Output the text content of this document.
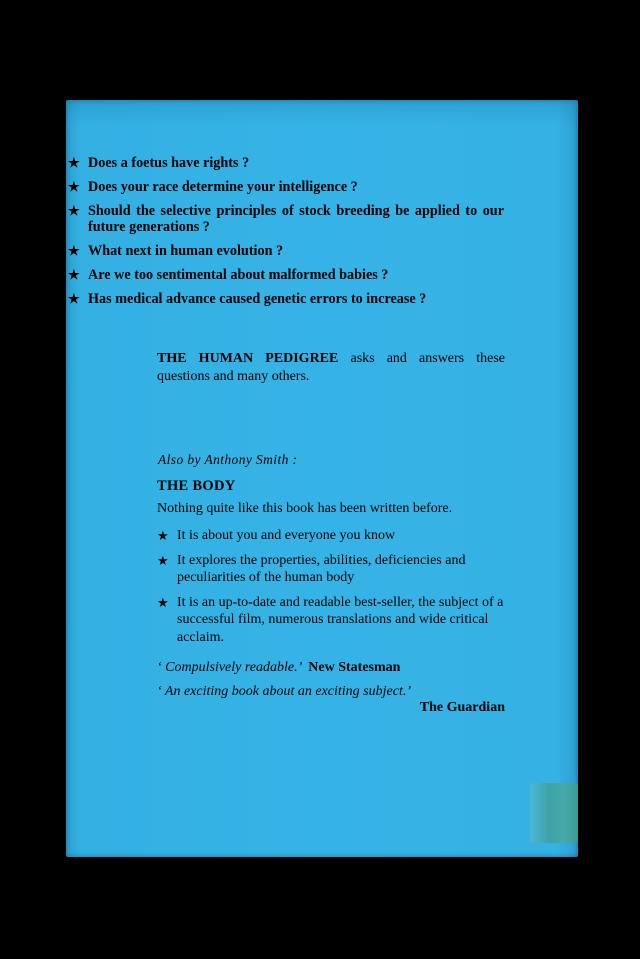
★ Does a foetus have rights ?
★ Does your race determine your intelligence ?
★ Should the selective principles of stock breeding be applied to our future generations ?
★ What next in human evolution ?
★ Are we too sentimental about malformed babies ?
★ Has medical advance caused genetic errors to increase ?
THE HUMAN PEDIGREE asks and answers these questions and many others.
Also by Anthony Smith :
THE BODY
Nothing quite like this book has been written before.
★ It is about you and everyone you know
★ It explores the properties, abilities, deficiencies and peculiarities of the human body
★ It is an up-to-date and readable best-seller, the subject of a successful film, numerous translations and wide critical acclaim.
‘ Compulsively readable.’ New Statesman
‘ An exciting book about an exciting subject.’
The Guardian
